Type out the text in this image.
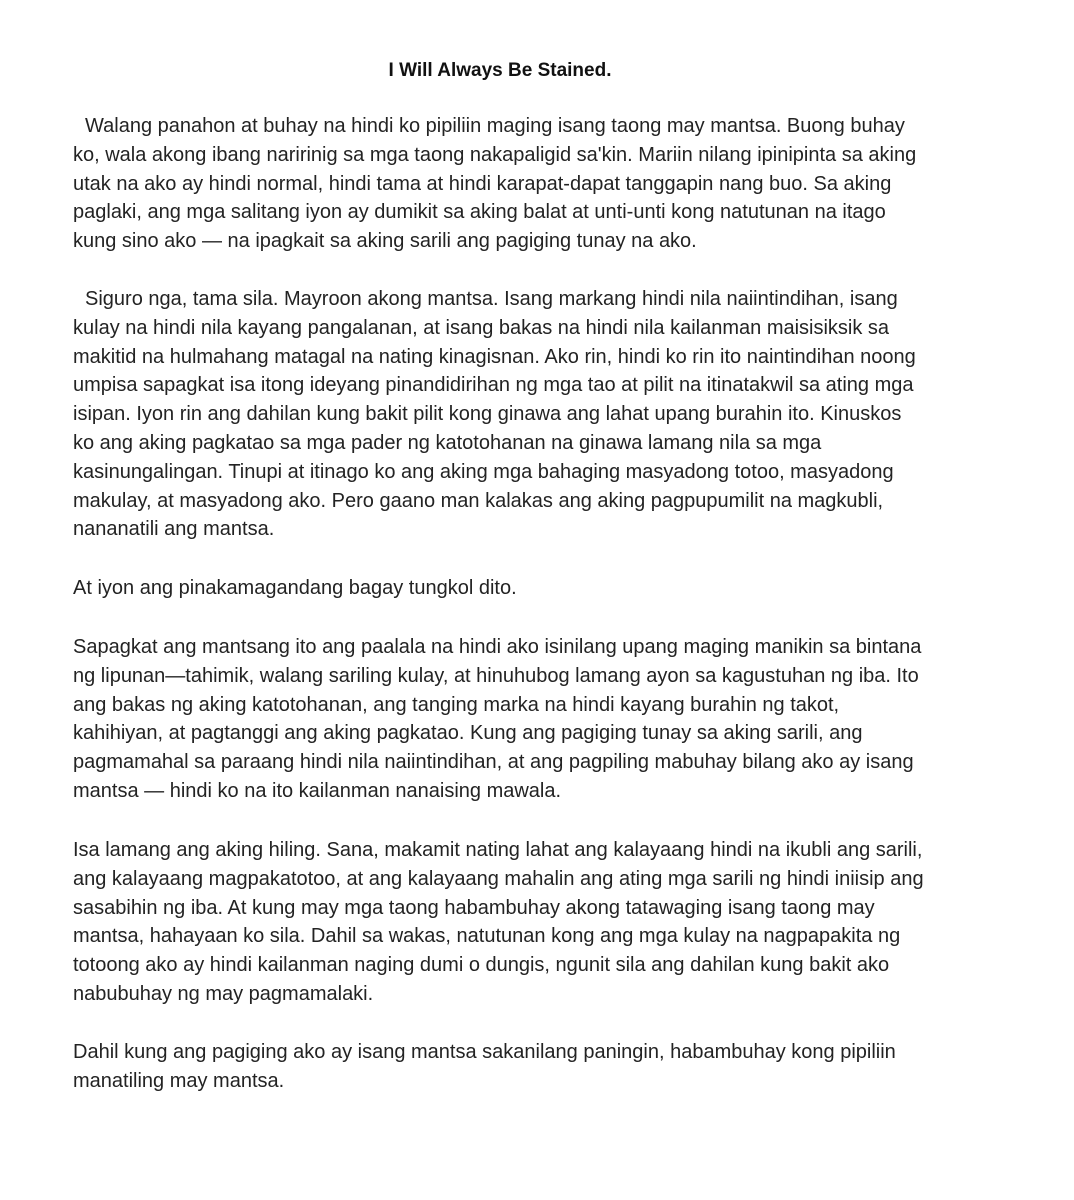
I Will Always Be Stained.

Walang panahon at buhay na hindi ko pipiliin maging isang taong may mantsa. Buong buhay
ko, wala akong ibang naririnig sa mga taong nakapaligid sa'kin. Mariin nilang ipinipinta sa aking
utak na ako ay hindi normal, hindi tama at hindi karapat-dapat tanggapin nang buo. Sa aking
paglaki, ang mga salitang iyon ay dumikit sa aking balat at unti-unti kong natutunan na itago
kung sino ako — na ipagkait sa aking sarili ang pagiging tunay na ako.

Siguro nga, tama sila. Mayroon akong mantsa. Isang markang hindi nila naiintindihan, isang
kulay na hindi nila kayang pangalanan, at isang bakas na hindi nila kailanman maisisiksik sa
makitid na hulmahang matagal na nating kinagisnan. Ako rin, hindi ko rin ito naintindihan noong
umpisa sapagkat isa itong ideyang pinandidirihan ng mga tao at pilit na itinatakwil sa ating mga
isipan. Iyon rin ang dahilan kung bakit pilit kong ginawa ang lahat upang burahin ito. Kinuskos
ko ang aking pagkatao sa mga pader ng katotohanan na ginawa lamang nila sa mga
kasinungalingan. Tinupi at itinago ko ang aking mga bahaging masyadong totoo, masyadong
makulay, at masyadong ako. Pero gaano man kalakas ang aking pagpupumilit na magkubli,
nananatili ang mantsa.

At iyon ang pinakamagandang bagay tungkol dito.

Sapagkat ang mantsang ito ang paalala na hindi ako isinilang upang maging manikin sa bintana
ng lipunan—tahimik, walang sariling kulay, at hinuhubog lamang ayon sa kagustuhan ng iba. Ito
ang bakas ng aking katotohanan, ang tanging marka na hindi kayang burahin ng takot,
kahihiyan, at pagtanggi ang aking pagkatao. Kung ang pagiging tunay sa aking sarili, ang
pagmamahal sa paraang hindi nila naiintindihan, at ang pagpiling mabuhay bilang ako ay isang
mantsa — hindi ko na ito kailanman nanaising mawala.

Isa lamang ang aking hiling. Sana, makamit nating lahat ang kalayaang hindi na ikubli ang sarili,
ang kalayaang magpakatotoo, at ang kalayaang mahalin ang ating mga sarili ng hindi iniisip ang
sasabihin ng iba. At kung may mga taong habambuhay akong tatawaging isang taong may
mantsa, hahayaan ko sila. Dahil sa wakas, natutunan kong ang mga kulay na nagpapakita ng
totoong ako ay hindi kailanman naging dumi o dungis, ngunit sila ang dahilan kung bakit ako
nabubuhay ng may pagmamalaki.

Dahil kung ang pagiging ako ay isang mantsa sakanilang paningin, habambuhay kong pipiliin
manatiling may mantsa.
